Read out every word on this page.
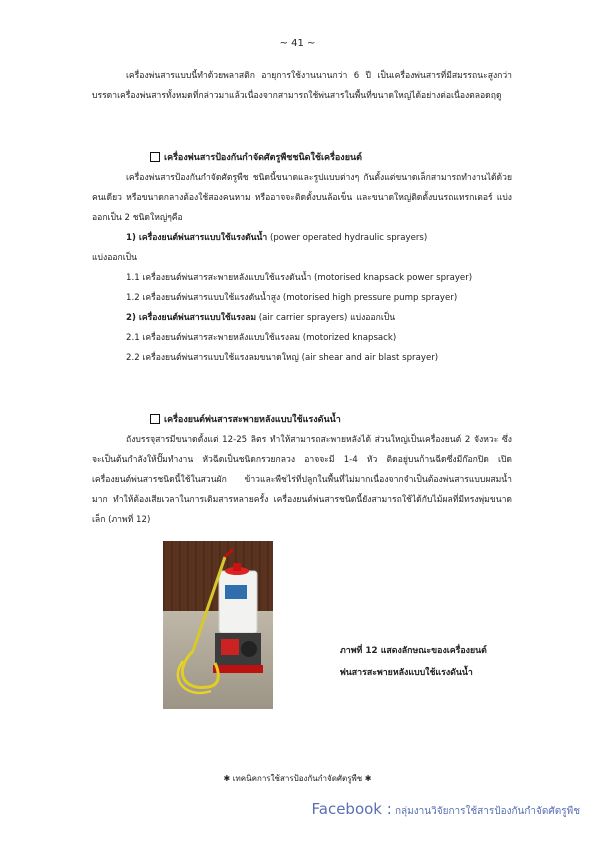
~ 41 ~

เครื่องพ่นสารแบบนี้ทำด้วยพลาสติก อายุการใช้งานนานกว่า 6 ปี เป็นเครื่องพ่นสารที่มีสมรรถนะสูงกว่าบรรดาเครื่องพ่นสารทั้งหมดที่กล่าวมาแล้วเนื่องจากสามารถใช้พ่นสารในพื้นที่ขนาดใหญ่ได้อย่างต่อเนื่องตลอดฤดู

เครื่องพ่นสารป้องกันกำจัดศัตรูพืชชนิดใช้เครื่องยนต์

เครื่องพ่นสารป้องกันกำจัดศัตรูพืช ชนิดนี้ขนาดและรูปแบบต่างๆ กันตั้งแต่ขนาดเล็กสามารถทำงานได้ด้วยคนเดียว หรือขนาดกลางต้องใช้สองคนหาม หรืออาจจะติดตั้งบนล้อเข็น และขนาดใหญ่ติดตั้งบนรถแทรกเตอร์ แบ่งออกเป็น 2 ชนิดใหญ่ๆคือ

1) เครื่องยนต์พ่นสารแบบใช้แรงดันน้ำ (power operated hydraulic sprayers)

แบ่งออกเป็น

1.1 เครื่องยนต์พ่นสารสะพายหลังแบบใช้แรงดันน้ำ (motorised knapsack power sprayer)

1.2 เครื่องยนต์พ่นสารแบบใช้แรงดันน้ำสูง (motorised high pressure pump sprayer)

2) เครื่องยนต์พ่นสารแบบใช้แรงลม (air carrier sprayers) แบ่งออกเป็น

2.1 เครื่องยนต์พ่นสารสะพายหลังแบบใช้แรงลม (motorized knapsack)

2.2 เครื่องยนต์พ่นสารแบบใช้แรงลมขนาดใหญ่ (air shear and air blast sprayer)

เครื่องยนต์พ่นสารสะพายหลังแบบใช้แรงดันน้ำ

ถังบรรจุสารมีขนาดตั้งแต่ 12-25 ลิตร ทำให้สามารถสะพายหลังได้ ส่วนใหญ่เป็นเครื่องยนต์ 2 จังหวะ ซึ่งจะเป็นต้นกำลังให้ปั๊มทำงาน หัวฉีดเป็นชนิดกรวยกลวง อาจจะมี 1-4 หัว ติดอยู่บนก้านฉีดซึ่งมีก๊อกปิด เปิด เครื่องยนต์พ่นสารชนิดนี้ใช้ในสวนผัก ข้าวและพืชไร่ที่ปลูกในพื้นที่ไม่มากเนื่องจากจำเป็นต้องพ่นสารแบบผสมน้ำมาก ทำให้ต้องเสียเวลาในการเติมสารหลายครั้ง เครื่องยนต์พ่นสารชนิดนี้ยังสามารถใช้ได้กับไม้ผลที่มีทรงพุ่มขนาดเล็ก (ภาพที่ 12)

ภาพที่ 12 แสดงลักษณะของเครื่องยนต์
พ่นสารสะพายหลังแบบใช้แรงดันน้ำ
✱ เทคนิคการใช้สารป้องกันกำจัดศัตรูพืช ✱
Facebook : กลุ่มงานวิจัยการใช้สารป้องกันกำจัดศัตรูพืช
